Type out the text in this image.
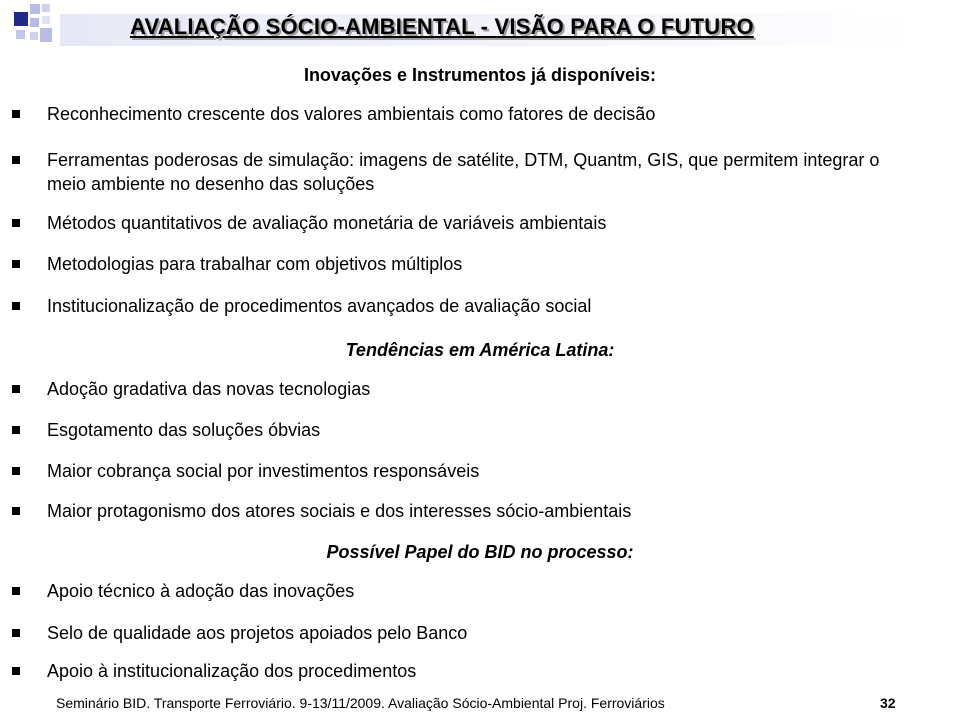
AVALIAÇÃO SÓCIO-AMBIENTAL - VISÃO PARA O FUTURO
Inovações e Instrumentos já disponíveis:
Reconhecimento crescente dos valores ambientais como fatores de decisão
Ferramentas poderosas de simulação: imagens de satélite, DTM, Quantm, GIS, que permitem integrar o meio ambiente no desenho das soluções
Métodos quantitativos de avaliação monetária de variáveis ambientais
Metodologias para trabalhar com objetivos múltiplos
Institucionalização de procedimentos avançados de avaliação social
Tendências em América Latina:
Adoção gradativa das novas tecnologias
Esgotamento das soluções óbvias
Maior cobrança social por investimentos responsáveis
Maior protagonismo dos atores sociais e dos interesses sócio-ambientais
Possível Papel do BID no processo:
Apoio técnico à adoção das inovações
Selo de qualidade aos projetos apoiados pelo Banco
Apoio à institucionalização dos procedimentos
Seminário BID. Transporte Ferroviário. 9-13/11/2009. Avaliação Sócio-Ambiental Proj. Ferroviários	32
